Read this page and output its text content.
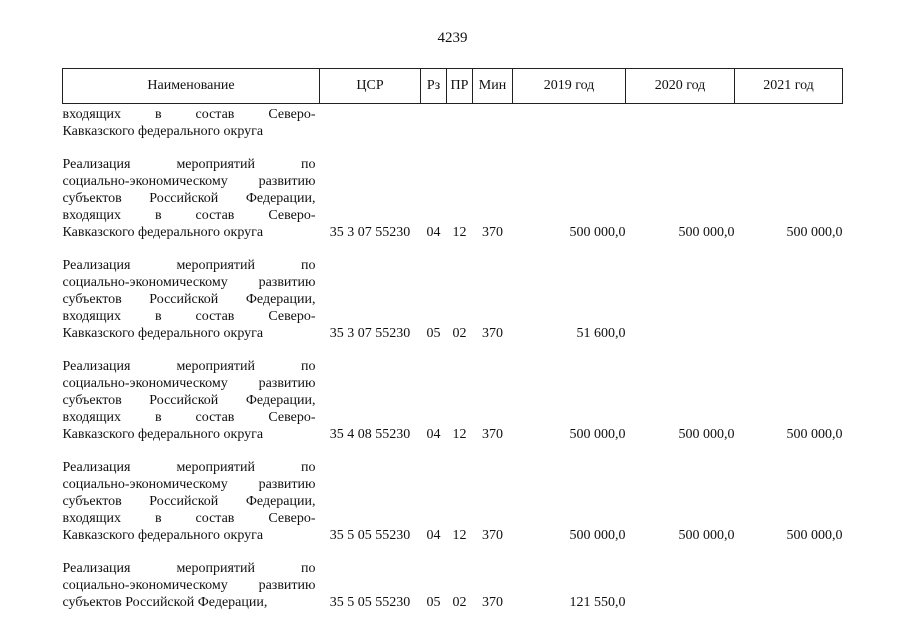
4239
Наименование	ЦСР	Рз	ПР	Мин	2019 год	2020 год	2021 год

входящих в состав Северо-
Кавказского федерального округа							

Реализация мероприятий по
социально-экономическому развитию
субъектов Российской Федерации,
входящих в состав Северо-
Кавказского федерального округа	35 3 07 55230	04	12	370	500 000,0	500 000,0	500 000,0

Реализация мероприятий по
социально-экономическому развитию
субъектов Российской Федерации,
входящих в состав Северо-
Кавказского федерального округа	35 3 07 55230	05	02	370	51 600,0		

Реализация мероприятий по
социально-экономическому развитию
субъектов Российской Федерации,
входящих в состав Северо-
Кавказского федерального округа	35 4 08 55230	04	12	370	500 000,0	500 000,0	500 000,0

Реализация мероприятий по
социально-экономическому развитию
субъектов Российской Федерации,
входящих в состав Северо-
Кавказского федерального округа	35 5 05 55230	04	12	370	500 000,0	500 000,0	500 000,0

Реализация мероприятий по
социально-экономическому развитию
субъектов Российской Федерации,	35 5 05 55230	05	02	370	121 550,0		
